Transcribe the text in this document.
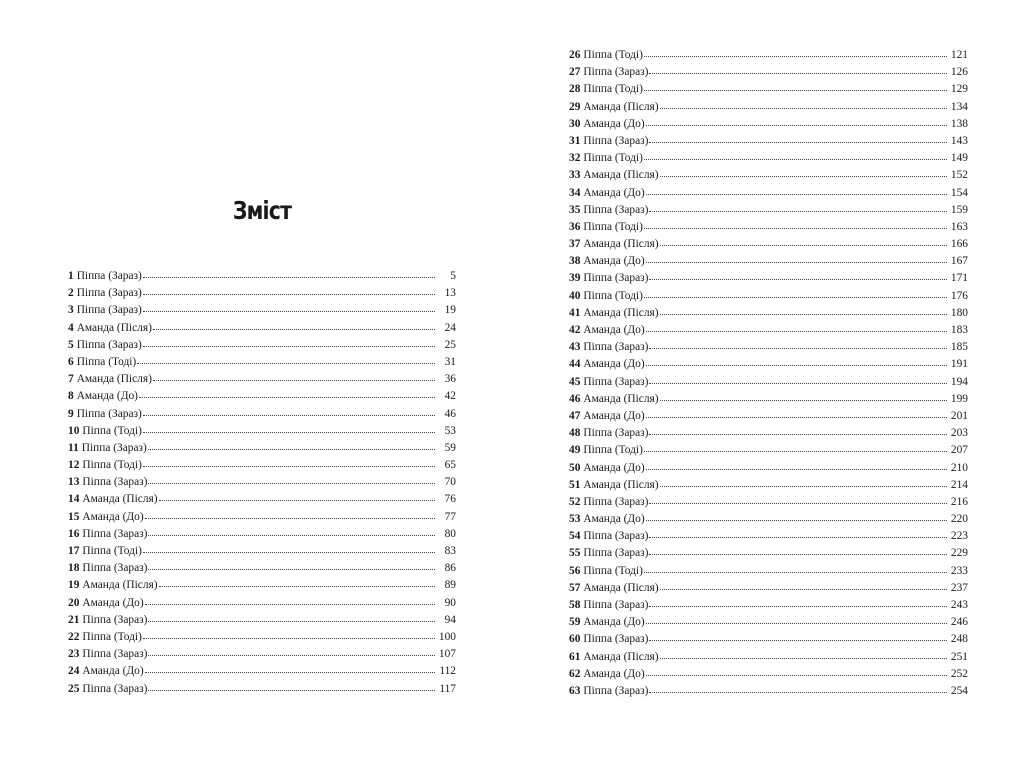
Зміст
1 Піппа (Зараз)	5
2 Піппа (Зараз)	13
3 Піппа (Зараз)	19
4 Аманда (Після)	24
5 Піппа (Зараз)	25
6 Піппа (Тоді)	31
7 Аманда (Після)	36
8 Аманда (До)	42
9 Піппа (Зараз)	46
10 Піппа (Тоді)	53
11 Піппа (Зараз)	59
12 Піппа (Тоді)	65
13 Піппа (Зараз)	70
14 Аманда (Після)	76
15 Аманда (До)	77
16 Піппа (Зараз)	80
17 Піппа (Тоді)	83
18 Піппа (Зараз)	86
19 Аманда (Після)	89
20 Аманда (До)	90
21 Піппа (Зараз)	94
22 Піппа (Тоді)	100
23 Піппа (Зараз)	107
24 Аманда (До)	112
25 Піппа (Зараз)	117
26 Піппа (Тоді)	121
27 Піппа (Зараз)	126
28 Піппа (Тоді)	129
29 Аманда (Після)	134
30 Аманда (До)	138
31 Піппа (Зараз)	143
32 Піппа (Тоді)	149
33 Аманда (Після)	152
34 Аманда (До)	154
35 Піппа (Зараз)	159
36 Піппа (Тоді)	163
37 Аманда (Після)	166
38 Аманда (До)	167
39 Піппа (Зараз)	171
40 Піппа (Тоді)	176
41 Аманда (Після)	180
42 Аманда (До)	183
43 Піппа (Зараз)	185
44 Аманда (До)	191
45 Піппа (Зараз)	194
46 Аманда (Після)	199
47 Аманда (До)	201
48 Піппа (Зараз)	203
49 Піппа (Тоді)	207
50 Аманда (До)	210
51 Аманда (Після)	214
52 Піппа (Зараз)	216
53 Аманда (До)	220
54 Піппа (Зараз)	223
55 Піппа (Зараз)	229
56 Піппа (Тоді)	233
57 Аманда (Після)	237
58 Піппа (Зараз)	243
59 Аманда (До)	246
60 Піппа (Зараз)	248
61 Аманда (Після)	251
62 Аманда (До)	252
63 Піппа (Зараз)	254
